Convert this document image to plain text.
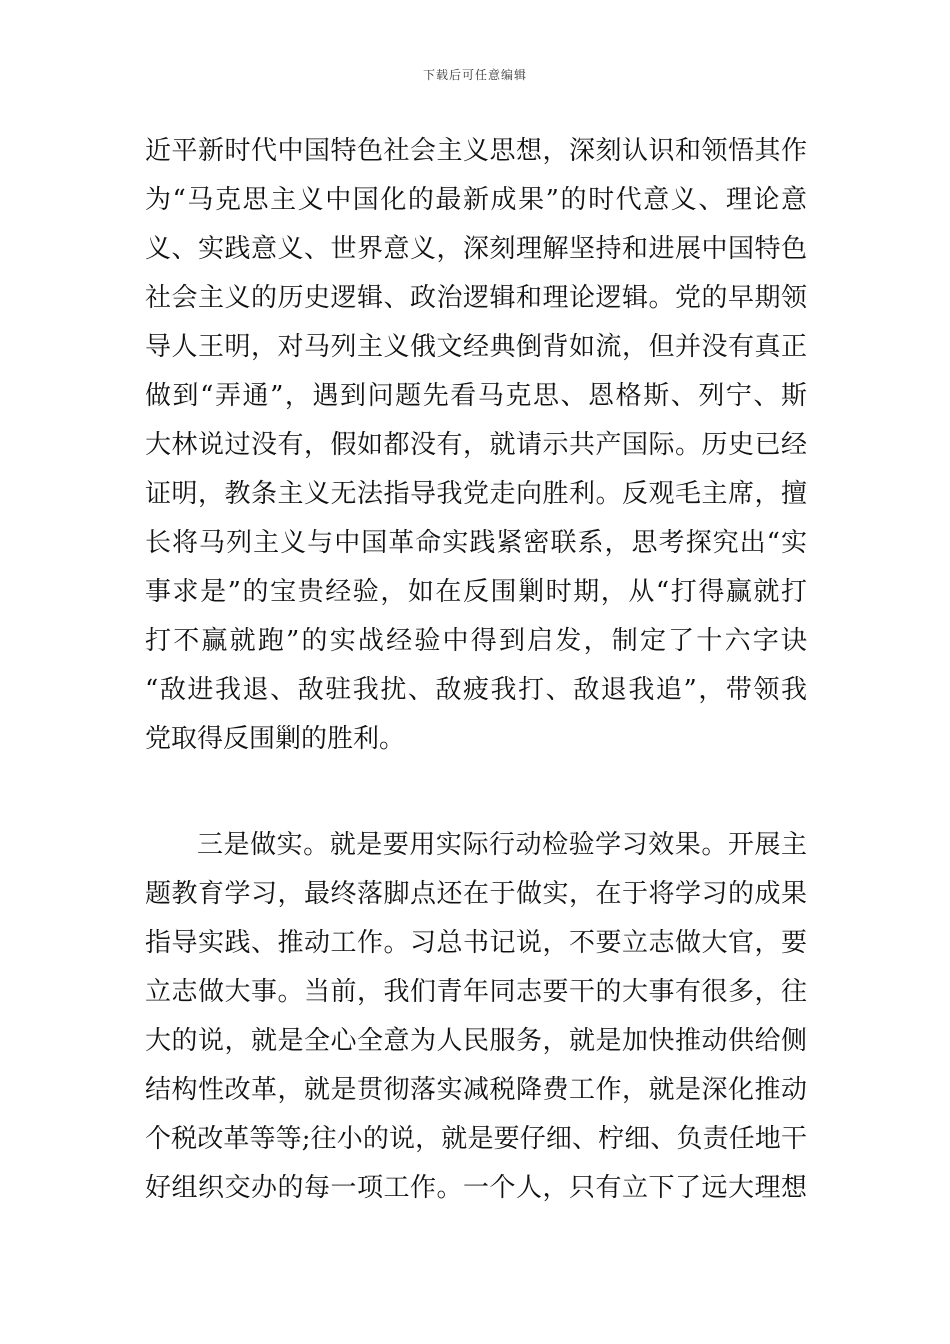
下载后可任意编辑
近平新时代中国特色社会主义思想，深刻认识和领悟其作
为“马克思主义中国化的最新成果”的时代意义、理论意
义、实践意义、世界意义，深刻理解坚持和进展中国特色
社会主义的历史逻辑、政治逻辑和理论逻辑。党的早期领
导人王明，对马列主义俄文经典倒背如流，但并没有真正
做到“弄通”，遇到问题先看马克思、恩格斯、列宁、斯
大林说过没有，假如都没有，就请示共产国际。历史已经
证明，教条主义无法指导我党走向胜利。反观毛主席，擅
长将马列主义与中国革命实践紧密联系，思考探究出“实
事求是”的宝贵经验，如在反围剿时期，从“打得赢就打
打不赢就跑”的实战经验中得到启发，制定了十六字诀
“敌进我退、敌驻我扰、敌疲我打、敌退我追”，带领我
党取得反围剿的胜利。
三是做实。就是要用实际行动检验学习效果。开展主
题教育学习，最终落脚点还在于做实，在于将学习的成果
指导实践、推动工作。习总书记说，不要立志做大官，要
立志做大事。当前，我们青年同志要干的大事有很多，往
大的说，就是全心全意为人民服务，就是加快推动供给侧
结构性改革，就是贯彻落实减税降费工作，就是深化推动
个税改革等等;往小的说，就是要仔细、柠细、负责任地干
好组织交办的每一项工作。一个人，只有立下了远大理想
